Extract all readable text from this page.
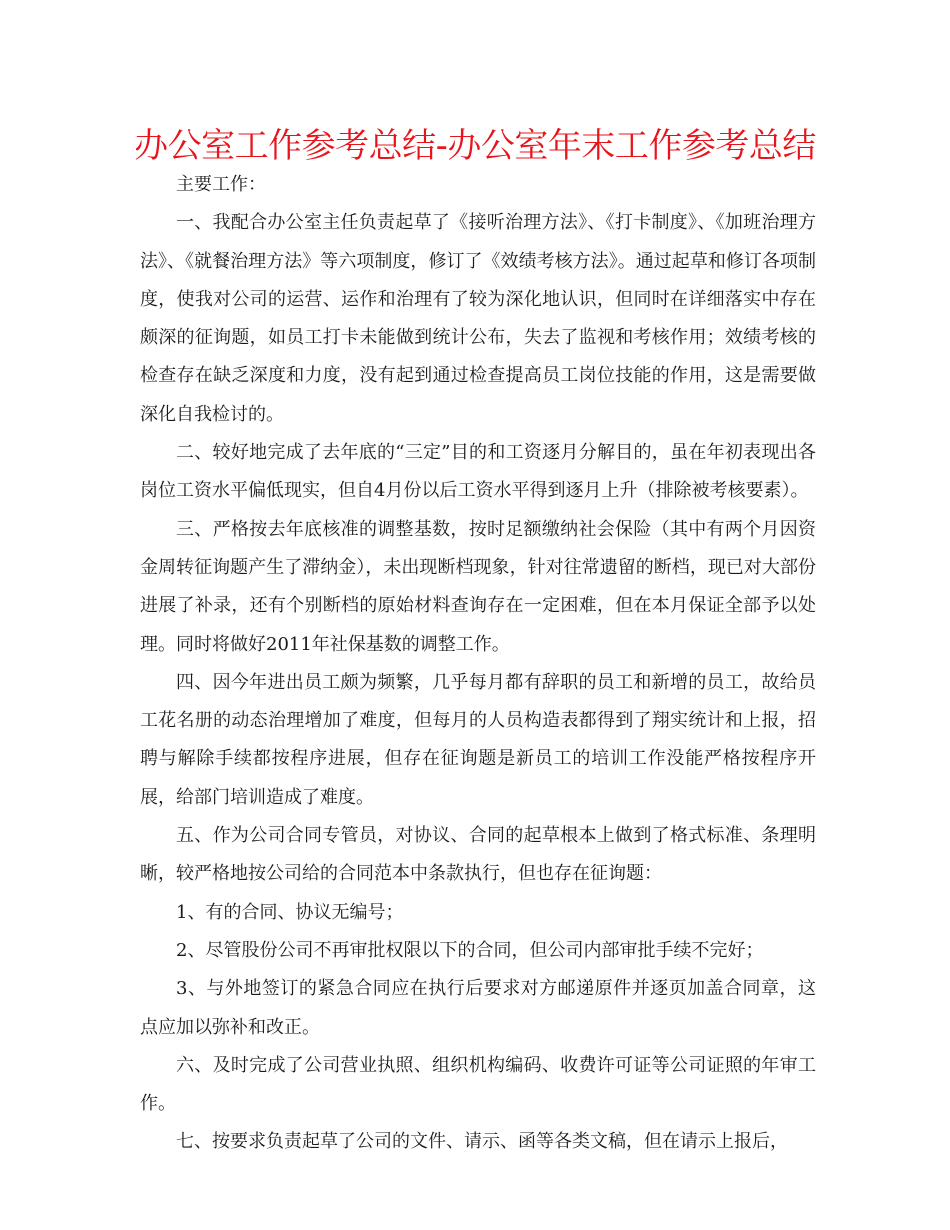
办公室工作参考总结-办公室年末工作参考总结

主要工作：

一、我配合办公室主任负责起草了《接听治理方法》、《打卡制度》、《加班治理方法》、《就餐治理方法》等六项制度，修订了《效绩考核方法》。通过起草和修订各项制度，使我对公司的运营、运作和治理有了较为深化地认识，但同时在详细落实中存在颇深的征询题，如员工打卡未能做到统计公布，失去了监视和考核作用；效绩考核的检查存在缺乏深度和力度，没有起到通过检查提高员工岗位技能的作用，这是需要做深化自我检讨的。

二、较好地完成了去年底的“三定”目的和工资逐月分解目的，虽在年初表现出各岗位工资水平偏低现实，但自4月份以后工资水平得到逐月上升（排除被考核要素）。

三、严格按去年底核准的调整基数，按时足额缴纳社会保险（其中有两个月因资金周转征询题产生了滞纳金），未出现断档现象，针对往常遗留的断档，现已对大部份进展了补录，还有个别断档的原始材料查询存在一定困难，但在本月保证全部予以处理。同时将做好2011年社保基数的调整工作。

四、因今年进出员工颇为频繁，几乎每月都有辞职的员工和新增的员工，故给员工花名册的动态治理增加了难度，但每月的人员构造表都得到了翔实统计和上报，招聘与解除手续都按程序进展，但存在征询题是新员工的培训工作没能严格按程序开展，给部门培训造成了难度。

五、作为公司合同专管员，对协议、合同的起草根本上做到了格式标准、条理明晰，较严格地按公司给的合同范本中条款执行，但也存在征询题：

1、有的合同、协议无编号；

2、尽管股份公司不再审批权限以下的合同，但公司内部审批手续不完好；

3、与外地签订的紧急合同应在执行后要求对方邮递原件并逐页加盖合同章，这点应加以弥补和改正。

六、及时完成了公司营业执照、组织机构编码、收费许可证等公司证照的年审工作。

七、按要求负责起草了公司的文件、请示、函等各类文稿，但在请示上报后，
